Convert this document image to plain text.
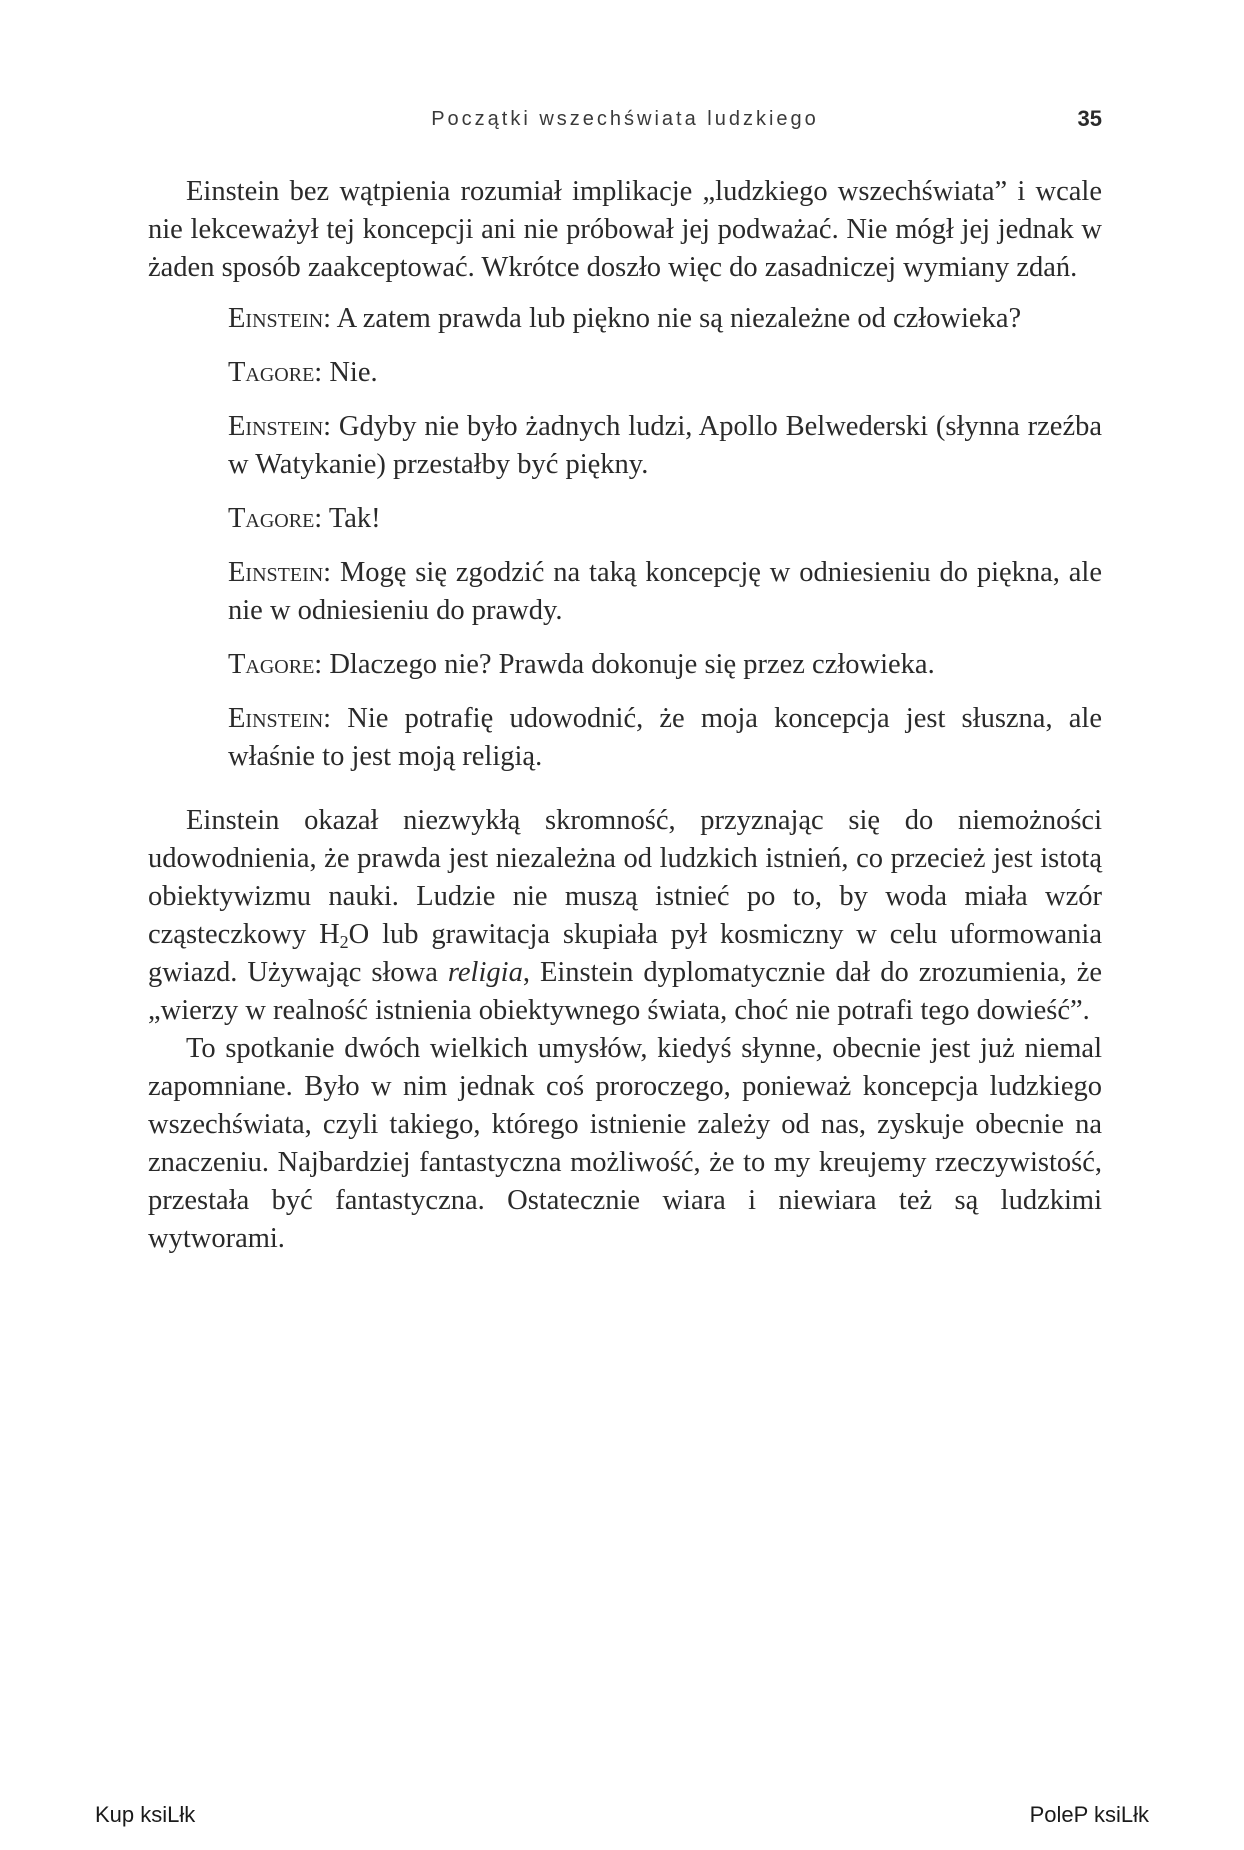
Początki wszechświata ludzkiego	35

Einstein bez wątpienia rozumiał implikacje „ludzkiego wszechświata” i wcale nie lekceważył tej koncepcji ani nie próbował jej podważać. Nie mógł jej jednak w żaden sposób zaakceptować. Wkrótce doszło więc do zasadniczej wymiany zdań.

Einstein: A zatem prawda lub piękno nie są niezależne od człowieka?

Tagore: Nie.

Einstein: Gdyby nie było żadnych ludzi, Apollo Belwederski (słynna rzeźba w Watykanie) przestałby być piękny.

Tagore: Tak!

Einstein: Mogę się zgodzić na taką koncepcję w odniesieniu do piękna, ale nie w odniesieniu do prawdy.

Tagore: Dlaczego nie? Prawda dokonuje się przez człowieka.

Einstein: Nie potrafię udowodnić, że moja koncepcja jest słuszna, ale właśnie to jest moją religią.

Einstein okazał niezwykłą skromność, przyznając się do niemożności udowodnienia, że prawda jest niezależna od ludzkich istnień, co przecież jest istotą obiektywizmu nauki. Ludzie nie muszą istnieć po to, by woda miała wzór cząsteczkowy $H_2O$ lub grawitacja skupiała pył kosmiczny w celu uformowania gwiazd. Używając słowa religia, Einstein dyplomatycznie dał do zrozumienia, że „wierzy w realność istnienia obiektywnego świata, choć nie potrafi tego dowieść”.

To spotkanie dwóch wielkich umysłów, kiedyś słynne, obecnie jest już niemal zapomniane. Było w nim jednak coś proroczego, ponieważ koncepcja ludzkiego wszechświata, czyli takiego, którego istnienie zależy od nas, zyskuje obecnie na znaczeniu. Najbardziej fantastyczna możliwość, że to my kreujemy rzeczywistość, przestała być fantastyczna. Ostatecznie wiara i niewiara też są ludzkimi wytworami.

Kup ksiLłk	PoleP ksiLłk
